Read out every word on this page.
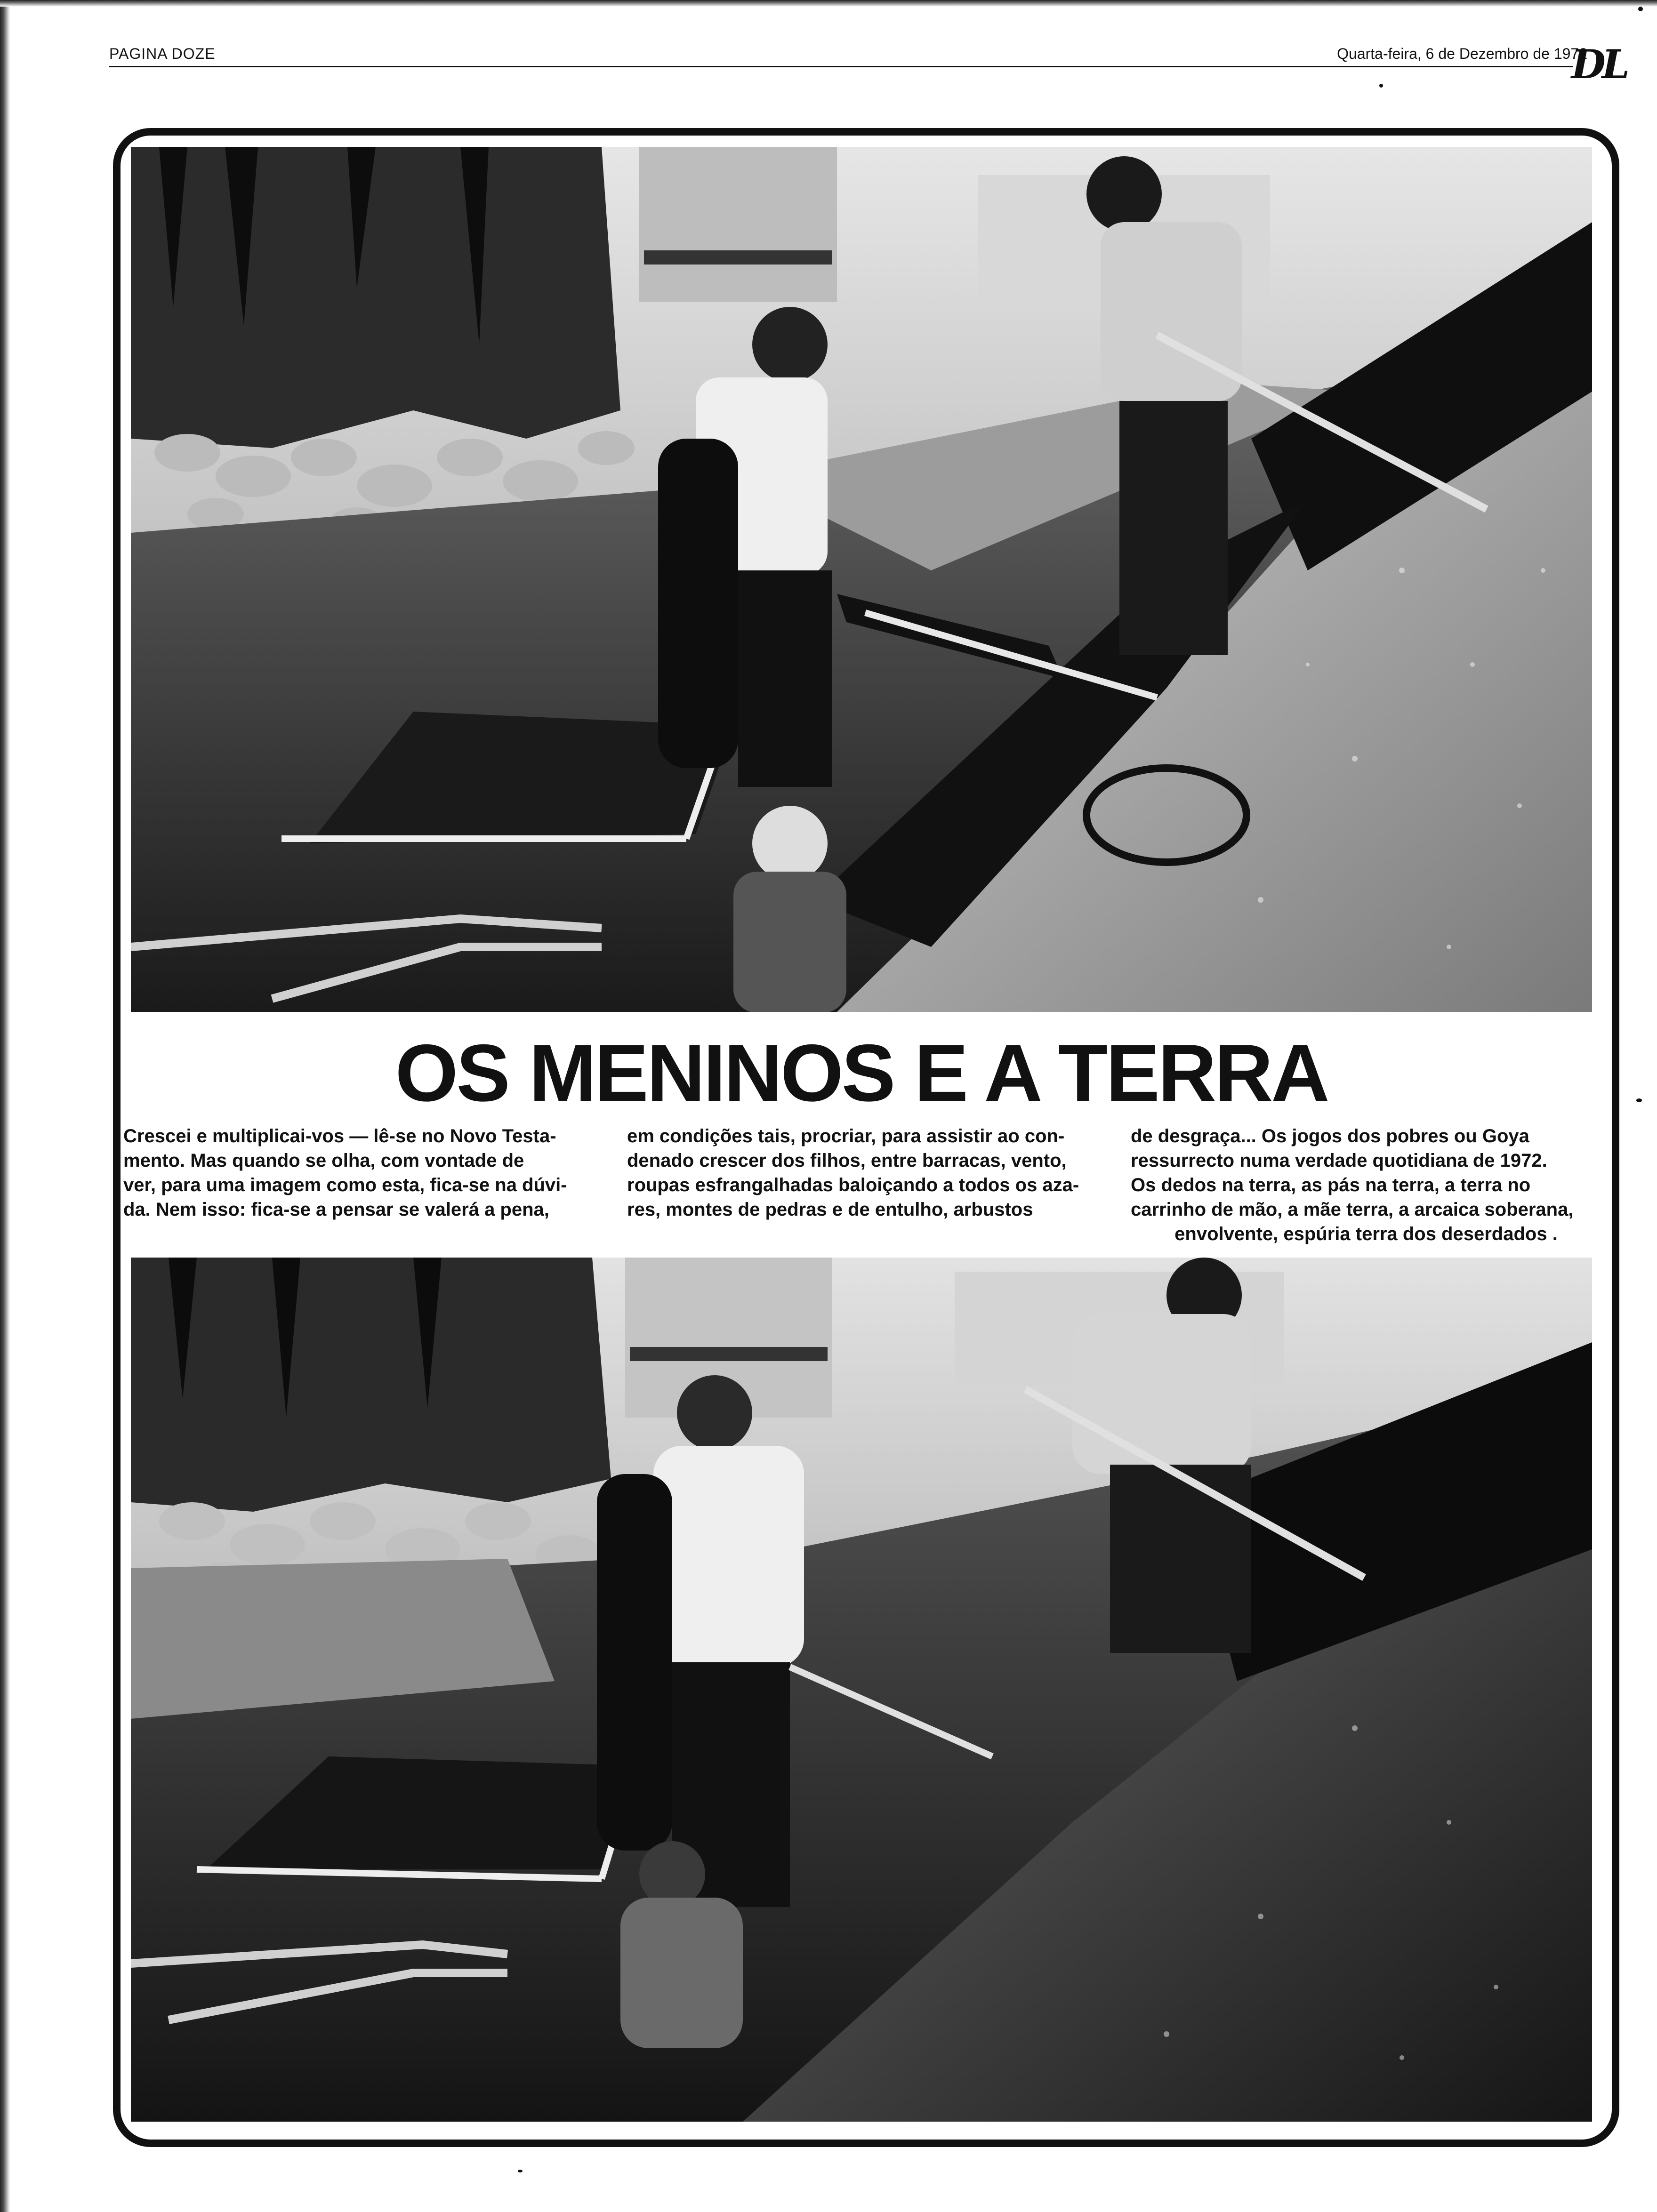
PAGINA DOZE	Quarta-feira, 6 de Dezembro de 1972
DL
OS MENINOS E A TERRA

Crescei e multiplicai-vos — lê-se no Novo Testa-

mento. Mas quando se olha, com vontade de

ver, para uma imagem como esta, fica-se na dúvi-

da. Nem isso: fica-se a pensar se valerá a pena,

em condições tais, procriar, para assistir ao con-

denado crescer dos filhos, entre barracas, vento,

roupas esfrangalhadas baloiçando a todos os aza-

res, montes de pedras e de entulho, arbustos

de desgraça... Os jogos dos pobres ou Goya

ressurrecto numa verdade quotidiana de 1972.

Os dedos na terra, as pás na terra, a terra no

carrinho de mão, a mãe terra, a arcaica soberana,

envolvente, espúria terra dos deserdados .
